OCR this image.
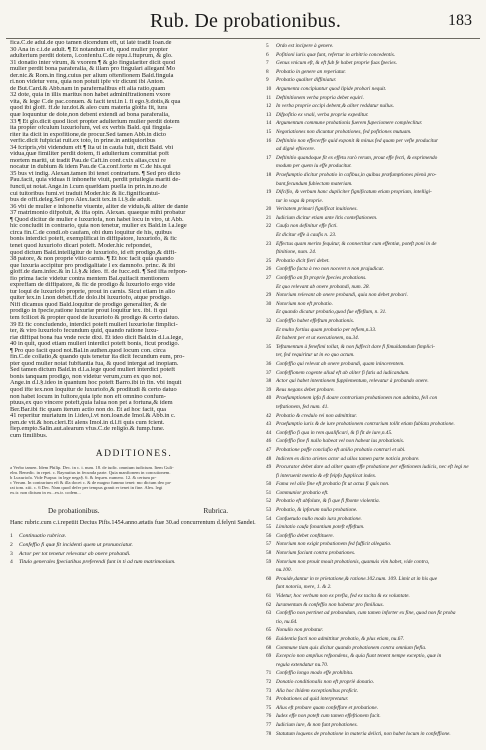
Rub. De probationibus.	183
fica.C.de adul.de quo tamen dicendum eft, ut latè tradit Ioan.de
30 Ana in c.i.de adult. ¶ Et notandum eft, quod mulier propter
adulterium perdit dotem, l.confenfu.C.de repu.l.ftuprum, & glo.
31 donatio inter virum, & vxorem ¶ & glo fingulariter dicit quod
mulier perdit bona paraferalia, & illam pro fingulari allegant Mo
der.nic.& Rom.in fing.cuius per alium oftenfionem Bald.fingula
ri.non videtur vera, quia non potuit ipfe vir dicunt ibi Anton.
de But.Card.& Abb.nam in parafernalibus eft alia ratio,quam
32 dote, quia in illis maritus non habet adminiftrationem vxore
vita, & lege C.de pac.conuen. & facit text.in l. fi ego.§.dotis,& qua
quod ibi gloff. ff.de iur.dot.& aleo cum materia glotfa fit, iura
quæ loquuntur de dote,non debent extendi ad bona paraferalia,
33 ¶ Et glo.dicit quod licet propter adulterium mulier perdit dotem
ita propter ofculum luxuriofum, vel ex verbis Bald. qui fingula-
riter ita dicit in expofitione,de procur.Sed tamen Abb.in dicto
verfic.dicit fufpiciat ruit.ex toto, in prine.in antiquioribus
34 fcripris,vbi videndum eft ¶ Ita ut in caufa fuit, dicit Bald. vbi
vidua,quæ fimiliter perdit dotem, fi adulterium committat poft
mortem mariti, ut tradit Pau.de Caft.in conf.cxix alias,cxxi re
nocatur in dubium & idem Pau.de Ca.conf.forte m C.de his.qui
35 bus vt indig. Alexan.tamen ibi tenet contrarium. ¶ Sed pro dicto
Pau.facit, quia viduas fi inhonefte viuit, perdit priuilegia mariti de-
functi,ut notat.Ange.in l.cum quæfdam puella in prin.in.no.de
cui tuitoribus fumi.vt traduit Moder.hic & lic.fignificantui-
bus de offi.deleg.Sed pro Alex.facit tex.in l.i.§.de adult.
36 vbi de mulier e inhonefte viuente, aliter de viduis,& aliter de dante
37 matrimonio difpofuit, & ifta opin. Alexan. quaeque mihi probatur
¶ Quod dicitur de mulier e luxuriofa, non habet locu in viro, ut Abb.
hic concludit in contrario, quia non tenetur, mulier ex Bald.in l.a.lege
circa fin.C.de condi.ob caufam, obi dum loquitur de his, quibus
bonis interdici poteft, exemplificat in diffipatore, luxuriofo, & fic
tenet quod luxuriofo dicari poteft. Moder.hic refpondet,
quod dictum Bald.intelligitur de luxuriofo, id eft prodigo,& diffi-
38 patore, & non proprie vitio carnis. ¶ Et hoc facit quia quando
que luxuria accipitur pro prodigalitate l ex damnofo. princ. & ibi
gloff.de dam.infec.& in l.i.§.& ideo. ff. de fucc.edi. ¶ Sed ifta refpon-
fio prima facie videtur contra mentem Bal.quifacit mentionem
expreffam de diffipatore, & fic de prodigo & luxuriofo ergo vide
tur loqui de luxuriofo proprie, prout in carnis. Sicut etiam in alio
quiter tex.in l.non debet.ff.de dolo.ibi luxuriofo, atque prodigo.
Nifi dicamus quod Bald.loquitur de prodigo generaliter, & de
prodigo in fpecie,ratione luxuriæ prout loquitur tex. ibi. fi qui
tem fcilicet & propter quod de luxuriofo & prodigo & certo datuo.
39 Et fic concludendo, interdici poteft mulieri luxuriofæ fimplici-
ter, & viro luxuriofo fecundum quid, quando ratione luxu-
riæ diffipat bona fua vnde recte dixi. Et ideo dicit Bald.in d.l.a.lege,
40 in quit, quod etiam mulieri interdici poteft bonis, ficut prodigo.
¶ Pro quo facit quod not.Bal.in authen.quod locum con. circa
fin.C.de collatio,& quando quis tenetur ita dicit fecundum eum, pro-
pter quod mulier notat fubftantia fua, & quod intergat ad inopiam.
Sed tamen dictum Bald.in d.l.a.lege quod mulieri interdici poteft
bonis tanquam prodigo, non videtur verum,cum ex quo not.
Ange.in d.l.§.ideo in quantum hoc poteft Barro.ibi in fin. vbi inquit
quod ifte tex.non loquitur de luxuriofo,& proditudi & certo datuo
non habet locum in fultore,quia ipfe non eft omnino confum-
ptuus,ex quo vincere poteft,quia falua non pet a fortuna,& idem
Ber.Bar.ibi fic quam iterum actio non do. Et ad hoc facit, qua
41 reperitur muriatum in l.ideo,l.vt non.loan.de Imol.& Abb.in c.
pen.de vit.& hon.cleri.Et alens Imol.in d.l.fi quis cum fcient.
fiep.empto.Salin.aut.alearum vfus.C.de religio.& fump.fune.
cum fimilibus.
ADDITIONES.
a Verbo tamen. Idem Philip. Dec. in c. i. num. 18. de iudic. omnium iudicium. Item Guli-
elm. Benedic. in repet. c. Raynutius in fecunda parte. Quia manfionem in concutionem.
b Luxuriofa. Vide Purpur. in lege nega§. 6. & fequen. numero. 12. & certum pr-
c Verum. In contrarium eft & illa docet c. & de magno fummo tenet: mo dictum deo pa-
rat tom. xiii. c. 6 Dec. Nam quod defer per tempus granit er tenet in fine. Alex. legi
ex.tr. non dictum in ex...ex.tr. codem...
De probationibus.	Rubrica.
Hanc rubric.cum c.i.repetiit Decius Pifis.1454.anno.ætatis fuæ 30.ad concurrentum d.felyni Sandei.
1 Continuatio rubricæ.
2 Confeffio fi quæ fit incidenti quem ut pronunciatur.
3 Actor per tot tenetur relevatur ab onere probandi.
4 Titulo generales fpeciatibus preferendi funt in ti ad tum matrimonium.
5 Ordo est incipere à genere.
6 Pofitioni iuris quæ funt, refertur in arbitrio concedentis.
7 Genus vnicum eft, & eft fub fe habet proprie fuas fpecies.
8 Probatio in genere an reperiatur.
9 Probatio qualiter diffiniatur.
10 Argumenta concipiuntur quod lipide probari nequit.
11 Deftinitionem verba propria debet equiri.
12 In verba proprie accipi debent,& aliter reddatur nullus.
13 Difpofitio ex vnali, verba propria expeditur.
14 Argumentum commune probationis fuerem fupeciomere compleclitur.
15 Negotiationes non dicuntur probationes, fed pofitiones mutuam.
16 Deftinitio non effecerffe quid exponit & minus fed quam per vefle producitur
ad dignè eftiecere.
17 Deftinitio quandoque fit ex effetu rarò rerum, prout effe fecti, & exprimendo
modum per quem iu effe producitur.
18 Praefumptio dicitur probatio in cafibus,in quibus præfumptiones plenà pro-
bant,fecundum fubiectam materiam.
19 Difcifio, & verbum hanc dupliciter fignificatum etiam propriam, intelligi-
tur in vaga & proprie.
20 Veritatem primari fignificat inuitiones.
21 Iudicium dicitur etiam ante litis conteflationem.
22 Caufa non definitur effe ficti.
Et dicitur effe à caufis n. 23.
23 Effectus quam merito fequitur, & connectitur cum effentiæ, poteft poni in de
ftinitione, num. 24.
25 Probatio dicit fieri debet.
26 Confeffio facta à reo non noceret n non prajudicat.
27 Confeffio an fit proprie fpecies probations.
Et quo relevant ab onere probandi, num. 28.
29 Notorium relevant ab onere probandi, quia non debet probari.
30 Notorium non eft probatio.
Et quando dicatur probatio,quod fue effeflum, n. 31.
32 Confeffio habet effeftum probationis.
Et multo fortius quam probatio per teflem,n.33.
Et habent per et ut executionem, nu.34.
35 Teftamentum à fenefimi tollat, & non fuffecit dare fi fimuldamdum fimplici-
ter, fed requiritur ut in eo quo actum.
36 Confeffio qui relevat ab onere probandi, quam inincerentem.
37 Confeffionem cogente aliud eft ab aliter fi fatis ad iudicandum.
38 Actor qui habet intentionem fupplementum, relevatur à probando onere.
39 Reus negans debet probare.
40 Praefumptionem ipfa fi doare contrarium probationem non admitta, feil con
teftationem, fed num. 41.
42 Probatio & credulo rei non admittitur.
43 Praefumptio iuris & de iure probationem contrarium tollit etiam fublata probatione.
44 Confeffio fi qua in rem qualificari, & fi fit de iure,n.45.
46 Confeffio fine fi nullo habeat vel non habeat ius probationis.
47 Probatione poffe conclufio eft anilio probatio contrari et ubi.
48 Indicem ex dicto arietes actor ad ullos tamen parte noticia probare.
49 Procurator debet dare ad aliter quam effe probatione per effetionem iudicis, nec eft legi ne
fi interuenit mentio & eft feipfo fupplicat index.
50 Fama vel alio fine eft probatio fit ut actus fi quis non.
51 Communior probatio eft.
52 Probatio eft abfolute, & fi que fi fhonte violentia.
53 Probatio, & ipforum nulla probatione.
54 Confuetudo nullo modo iura probatione.
55 Limitatio caufa fonantium poteft effeftum.
56 Confeffio debet conftituere.
57 Notorium non exigit probationem fed fufficit allegatio.
58 Notorium faciunt contra probationes.
59 Notorium non prouit mouit probationis, quamuis vim habet, vide contra,
nu.100.
60 Prouide,dantur in te prietatione,& ratione.102.num. 109. Limit at in his que
funt notoria, mere, 1. & 2.
61 Videtur, hoc verbum non ex prefla, fed ex tacita & ex voluntate.
62 Iuramentum & confeffio non habetur pro fimiliaus.
63 Confeffio non pertinet ad probandum, cum tamen inforter ex fine, quod non fit proba
tio, nu.64.
65 Nonullo non probatur.
66 Euidentia facti non admittitur probatio, & plus etiam, nu.67.
68 Commune tiam quis dicitur quando probationem contra omnium fiefla.
69 Excepcio non amplius refpondens, & quia fiunt tenent nempe exceptio, quæ in
regula extendatur nu.70.
71 Confeffio longo modo effe prohibita.
72 Donatio conditionalis non eft propriè donatio.
73 Alia hoc ibidem exceptionibus proficit.
74 Probationes ad quid interpretatur.
75 Alius eft probare quam confeffare et probatione.
76 Iudex effe non poteft cum tamen effeftionem facit.
77 Iudicium iure, & non funt probationes.
78 Statutum loquens de probatione in materia delicti, non habet locum in confeffione.
